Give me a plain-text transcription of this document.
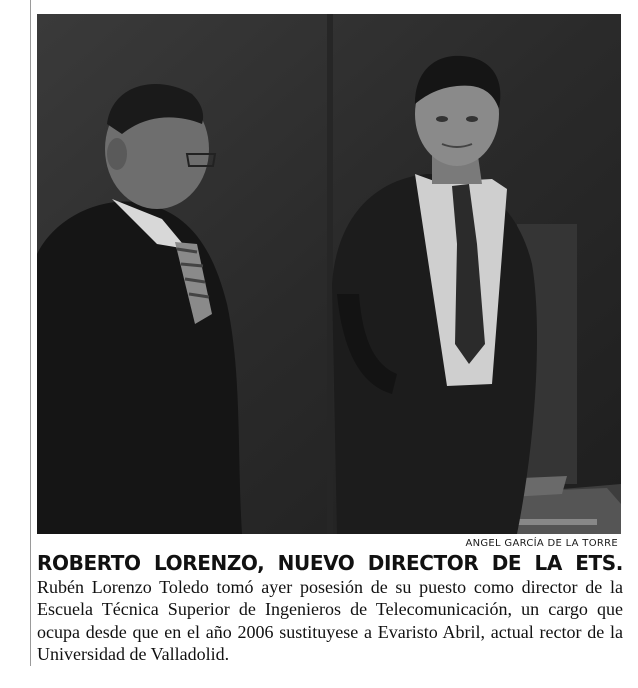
ANGEL GARCÍA DE LA TORRE

ROBERTO LORENZO, NUEVO DIRECTOR DE LA ETS. Rubén Lorenzo Toledo tomó ayer posesión de su puesto como director de la Escuela Técnica Superior de Ingenieros de Telecomunicación, un cargo que ocupa desde que en el año 2006 sustituyese a Evaristo Abril, actual rector de la Universidad de Valladolid.
